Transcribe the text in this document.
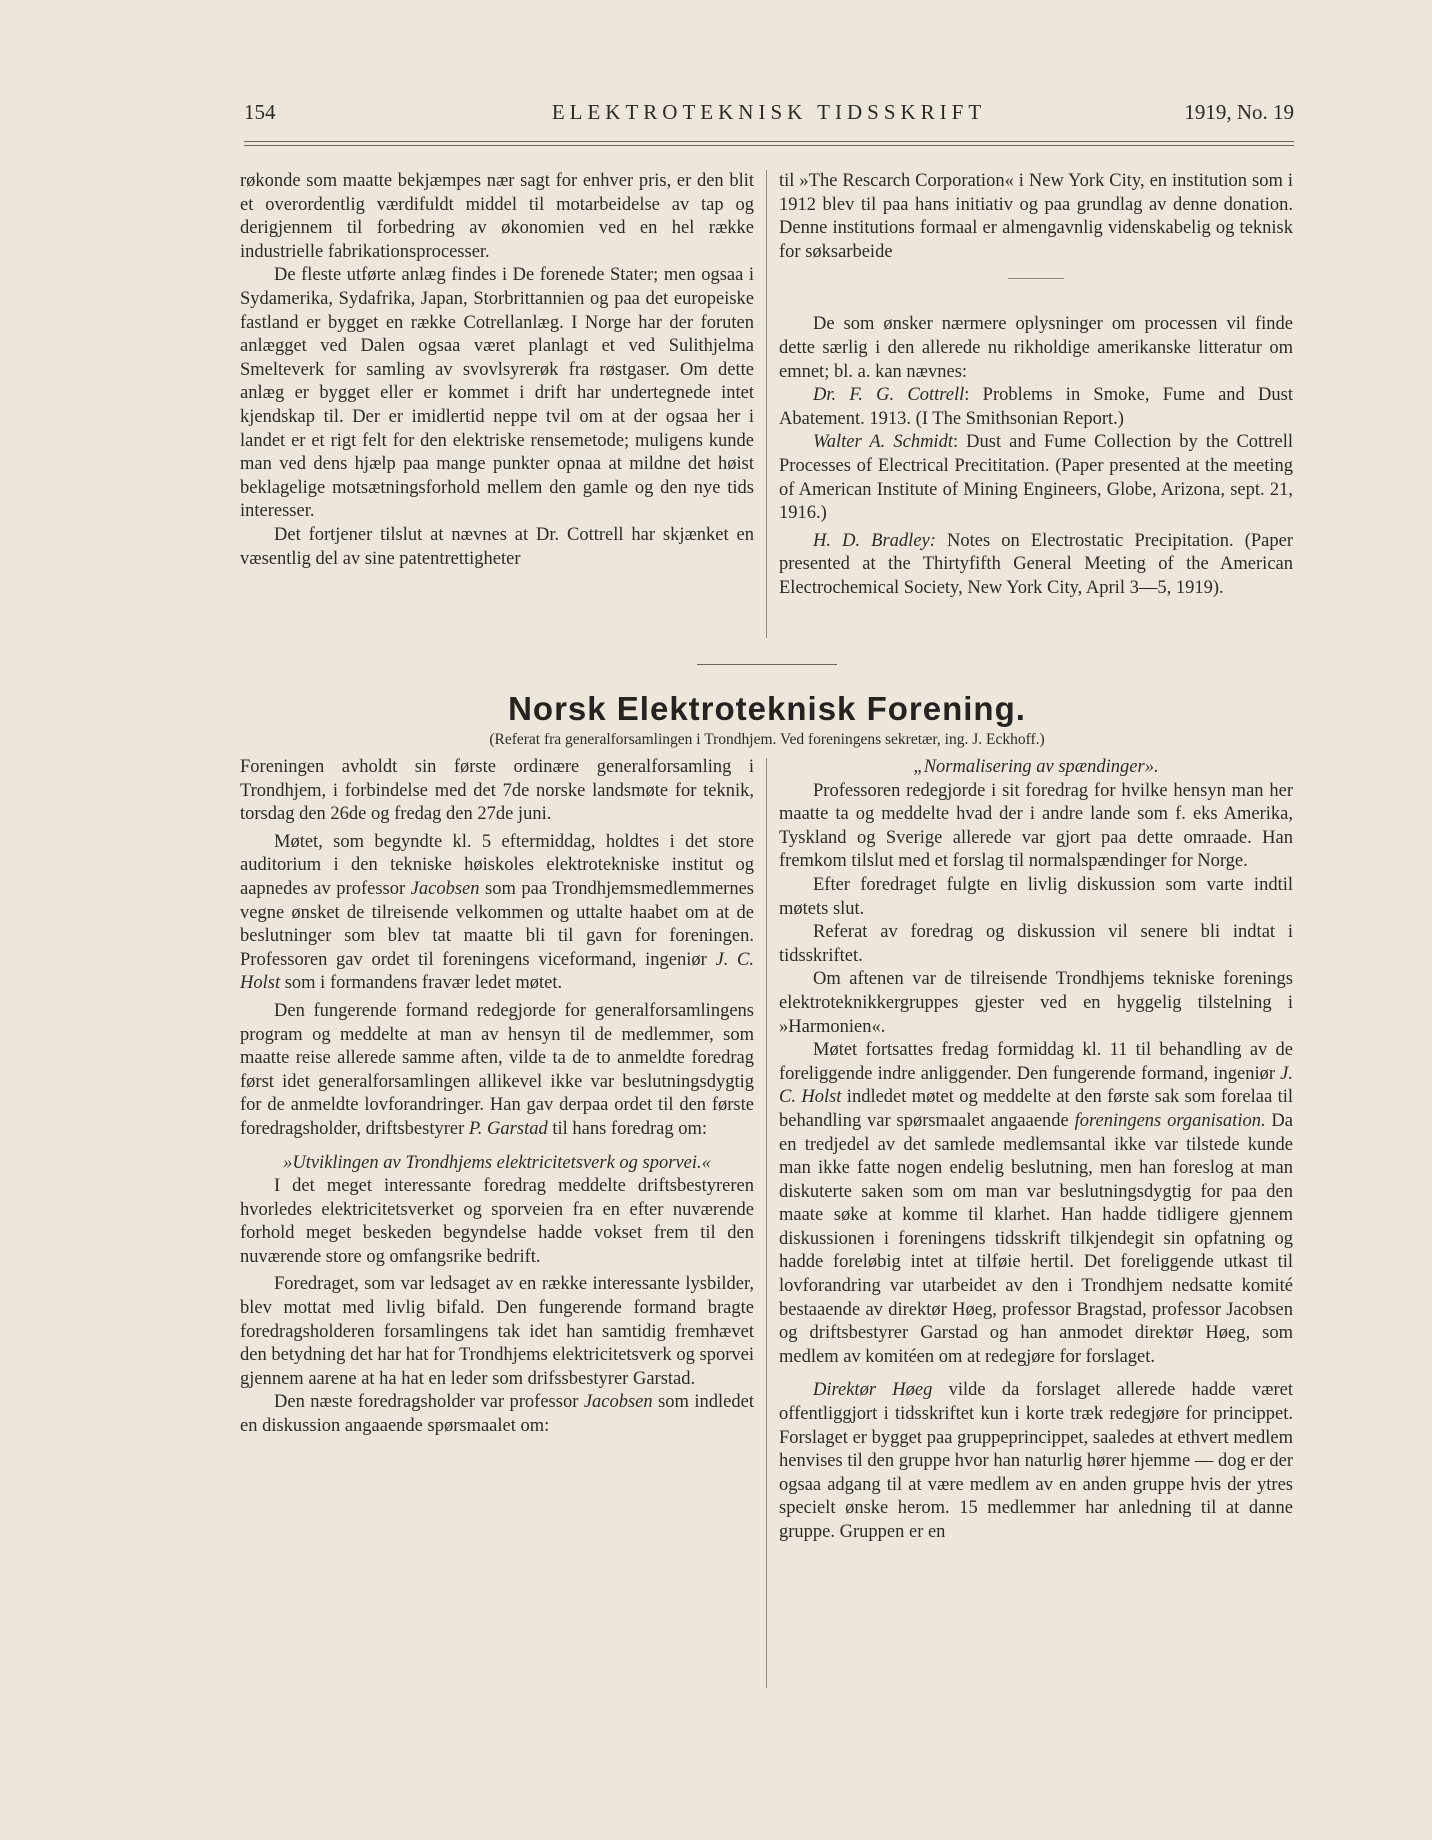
154	ELEKTROTEKNISK TIDSSKRIFT	1919, No. 19

røkonde som maatte bekjæmpes nær sagt for enhver pris, er den blit et overordentlig værdifuldt middel til motarbeidelse av tap og derigjennem til forbedring av økonomien ved en hel række industrielle fabrikationsprocesser.

De fleste utførte anlæg findes i De forenede Stater; men ogsaa i Sydamerika, Sydafrika, Japan, Storbrittannien og paa det europeiske fastland er bygget en række Cotrellanlæg. I Norge har der foruten anlægget ved Dalen ogsaa været planlagt et ved Sulithjelma Smelteverk for samling av svovlsyrerøk fra røstgaser. Om dette anlæg er bygget eller er kommet i drift har undertegnede intet kjendskap til. Der er imidlertid neppe tvil om at der ogsaa her i landet er et rigt felt for den elektriske rensemetode; muligens kunde man ved dens hjælp paa mange punkter opnaa at mildne det høist beklagelige motsætningsforhold mellem den gamle og den nye tids interesser.

Det fortjener tilslut at nævnes at Dr. Cottrell har skjænket en væsentlig del av sine patentrettigheter

til »The Rescarch Corporation« i New York City, en institution som i 1912 blev til paa hans initiativ og paa grundlag av denne donation. Denne institutions formaal er almengavnlig videnskabelig og teknisk for søksarbeide

De som ønsker nærmere oplysninger om processen vil finde dette særlig i den allerede nu rikholdige amerikanske litteratur om emnet; bl. a. kan nævnes:

Dr. F. G. Cottrell: Problems in Smoke, Fume and Dust Abatement. 1913. (I The Smithsonian Report.)

Walter A. Schmidt: Dust and Fume Collection by the Cottrell Processes of Electrical Precititation. (Paper presented at the meeting of American Institute of Mining Engineers, Globe, Arizona, sept. 21, 1916.)

H. D. Bradley: Notes on Electrostatic Precipitation. (Paper presented at the Thirtyfifth General Meeting of the American Electrochemical Society, New York City, April 3—5, 1919).

Norsk Elektroteknisk Forening.
(Referat fra generalforsamlingen i Trondhjem. Ved foreningens sekretær, ing. J. Eckhoff.)

Foreningen avholdt sin første ordinære generalforsamling i Trondhjem, i forbindelse med det 7de norske landsmøte for teknik, torsdag den 26de og fredag den 27de juni.

Møtet, som begyndte kl. 5 eftermiddag, holdtes i det store auditorium i den tekniske høiskoles elektrotekniske institut og aapnedes av professor Jacobsen som paa Trondhjemsmedlemmernes vegne ønsket de tilreisende velkommen og uttalte haabet om at de beslutninger som blev tat maatte bli til gavn for foreningen. Professoren gav ordet til foreningens viceformand, ingeniør J. C. Holst som i formandens fravær ledet møtet.

Den fungerende formand redegjorde for generalforsamlingens program og meddelte at man av hensyn til de medlemmer, som maatte reise allerede samme aften, vilde ta de to anmeldte foredrag først idet generalforsamlingen allikevel ikke var beslutningsdygtig for de anmeldte lovforandringer. Han gav derpaa ordet til den første foredragsholder, driftsbestyrer P. Garstad til hans foredrag om:

»Utviklingen av Trondhjems elektricitetsverk og sporvei.«

I det meget interessante foredrag meddelte driftsbestyreren hvorledes elektricitetsverket og sporveien fra en efter nuværende forhold meget beskeden begyndelse hadde vokset frem til den nuværende store og omfangsrike bedrift.

Foredraget, som var ledsaget av en række interessante lysbilder, blev mottat med livlig bifald. Den fungerende formand bragte foredragsholderen forsamlingens tak idet han samtidig fremhævet den betydning det har hat for Trondhjems elektricitetsverk og sporvei gjennem aarene at ha hat en leder som drifssbestyrer Garstad.

Den næste foredragsholder var professor Jacobsen som indledet en diskussion angaaende spørsmaalet om:

„Normalisering av spændinger».

Professoren redegjorde i sit foredrag for hvilke hensyn man her maatte ta og meddelte hvad der i andre lande som f. eks Amerika, Tyskland og Sverige allerede var gjort paa dette omraade. Han fremkom tilslut med et forslag til normalspændinger for Norge.

Efter foredraget fulgte en livlig diskussion som varte indtil møtets slut.

Referat av foredrag og diskussion vil senere bli indtat i tidsskriftet.

Om aftenen var de tilreisende Trondhjems tekniske forenings elektroteknikkergruppes gjester ved en hyggelig tilstelning i »Harmonien«.

Møtet fortsattes fredag formiddag kl. 11 til behandling av de foreliggende indre anliggender. Den fungerende formand, ingeniør J. C. Holst indledet møtet og meddelte at den første sak som forelaa til behandling var spørsmaalet angaaende foreningens organisation. Da en tredjedel av det samlede medlemsantal ikke var tilstede kunde man ikke fatte nogen endelig beslutning, men han foreslog at man diskuterte saken som om man var beslutningsdygtig for paa den maate søke at komme til klarhet. Han hadde tidligere gjennem diskussionen i foreningens tidsskrift tilkjendegit sin opfatning og hadde foreløbig intet at tilføie hertil. Det foreliggende utkast til lovforandring var utarbeidet av den i Trondhjem nedsatte komité bestaaende av direktør Høeg, professor Bragstad, professor Jacobsen og driftsbestyrer Garstad og han anmodet direktør Høeg, som medlem av komitéen om at redegjøre for forslaget.

Direktør Høeg vilde da forslaget allerede hadde været offentliggjort i tidsskriftet kun i korte træk redegjøre for princippet. Forslaget er bygget paa gruppeprincippet, saaledes at ethvert medlem henvises til den gruppe hvor han naturlig hører hjemme — dog er der ogsaa adgang til at være medlem av en anden gruppe hvis der ytres specielt ønske herom. 15 medlemmer har anledning til at danne gruppe. Gruppen er en
